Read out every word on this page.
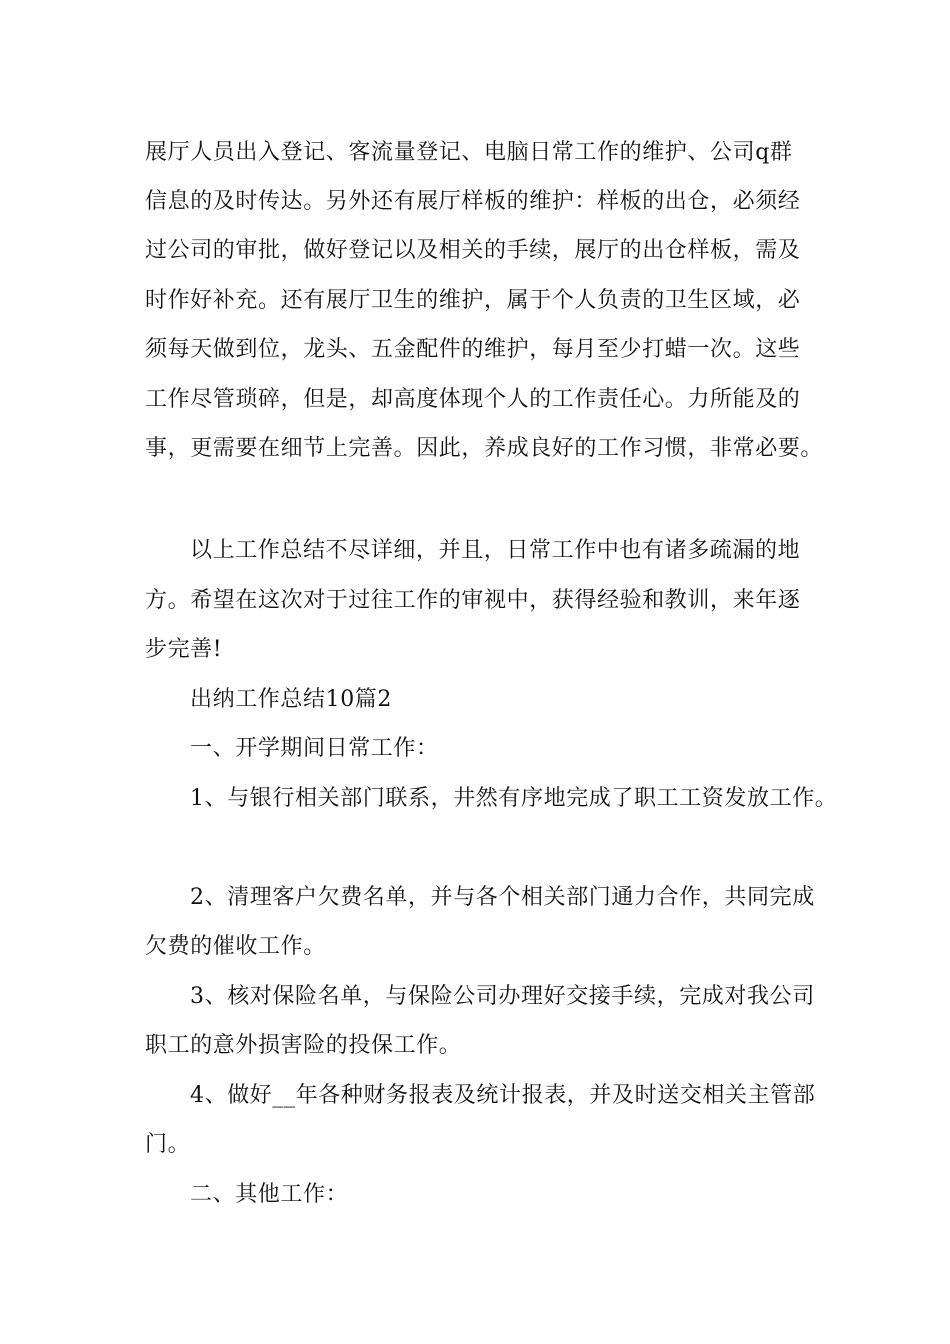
展厅人员出入登记、客流量登记、电脑日常工作的维护、公司q群
信息的及时传达。另外还有展厅样板的维护：样板的出仓，必须经
过公司的审批，做好登记以及相关的手续，展厅的出仓样板，需及
时作好补充。还有展厅卫生的维护，属于个人负责的卫生区域，必
须每天做到位，龙头、五金配件的维护，每月至少打蜡一次。这些
工作尽管琐碎，但是，却高度体现个人的工作责任心。力所能及的
事，更需要在细节上完善。因此，养成良好的工作习惯，非常必要。
以上工作总结不尽详细，并且，日常工作中也有诸多疏漏的地
方。希望在这次对于过往工作的审视中，获得经验和教训，来年逐
步完善!
出纳工作总结10篇2
一、开学期间日常工作：
1、与银行相关部门联系，井然有序地完成了职工工资发放工作。
2、清理客户欠费名单，并与各个相关部门通力合作，共同完成
欠费的催收工作。
3、核对保险名单，与保险公司办理好交接手续，完成对我公司
职工的意外损害险的投保工作。
4、做好__年各种财务报表及统计报表，并及时送交相关主管部
门。
二、其他工作：
